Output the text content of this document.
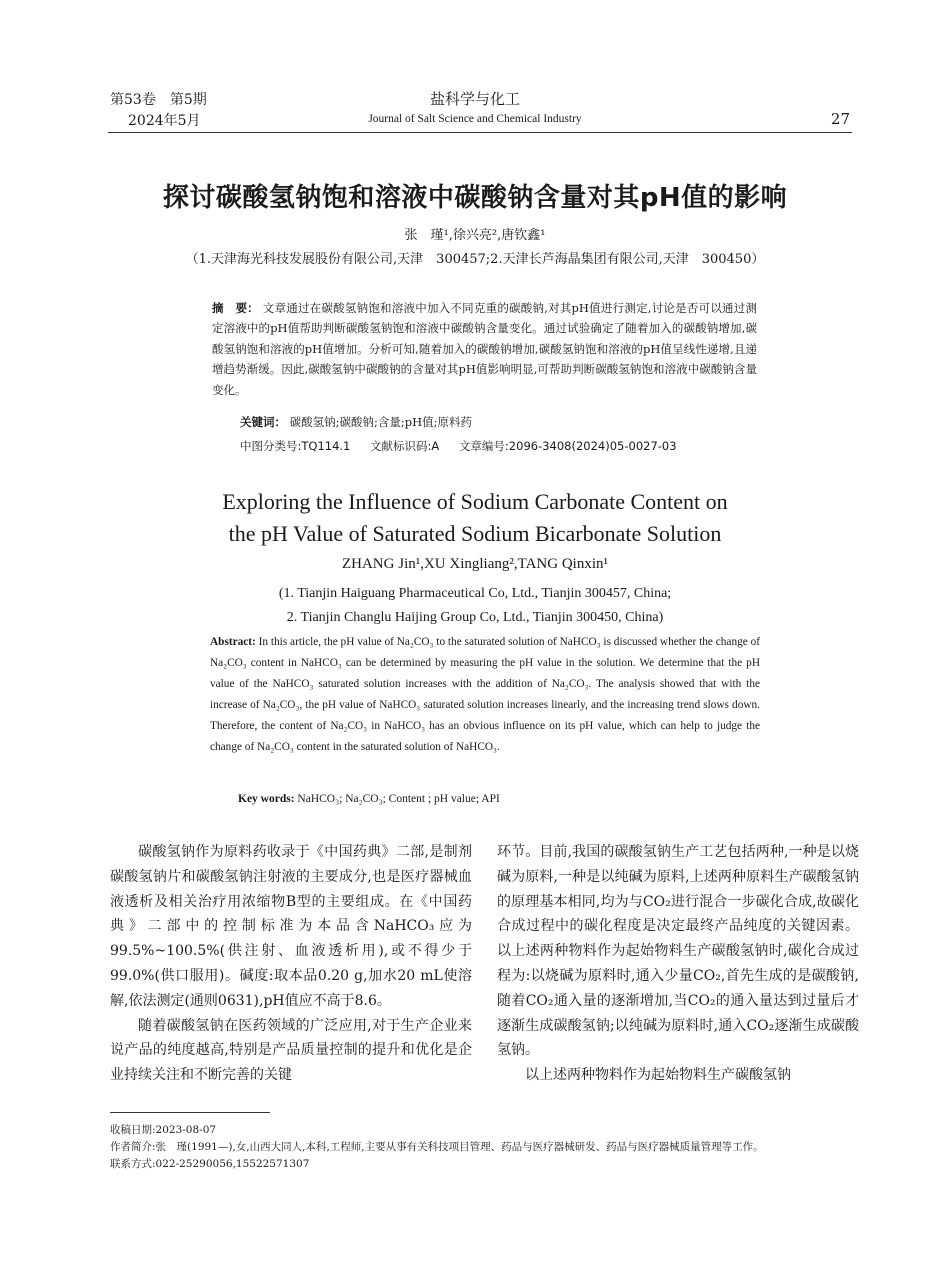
第53卷　第5期
2024年5月
盐科学与化工
Journal of Salt Science and Chemical Industry	27
探讨碳酸氢钠饱和溶液中碳酸钠含量对其pH值的影响
张　瑾¹,徐兴亮²,唐钦鑫¹
（1.天津海光科技发展股份有限公司,天津　300457;2.天津长芦海晶集团有限公司,天津　300450）
摘　要： 文章通过在碳酸氢钠饱和溶液中加入不同克重的碳酸钠,对其pH值进行测定,讨论是否可以通过测定溶液中的pH值帮助判断碳酸氢钠饱和溶液中碳酸钠含量变化。通过试验确定了随着加入的碳酸钠增加,碳酸氢钠饱和溶液的pH值增加。分析可知,随着加入的碳酸钠增加,碳酸氢钠饱和溶液的pH值呈线性递增,且递增趋势渐缓。因此,碳酸氢钠中碳酸钠的含量对其pH值影响明显,可帮助判断碳酸氢钠饱和溶液中碳酸钠含量变化。
关键词： 碳酸氢钠;碳酸钠;含量;pH值;原料药
中图分类号:TQ114.1 文献标识码:A 文章编号:2096-3408(2024)05-0027-03
Exploring the Influence of Sodium Carbonate Content on
the pH Value of Saturated Sodium Bicarbonate Solution
ZHANG Jin¹,XU Xingliang²,TANG Qinxin¹
(1. Tianjin Haiguang Pharmaceutical Co, Ltd., Tianjin 300457, China;
2. Tianjin Changlu Haijing Group Co, Ltd., Tianjin 300450, China)
Abstract: In this article, the pH value of Na₂CO₃ to the saturated solution of NaHCO₃ is discussed whether the change of Na₂CO₃ content in NaHCO₃ can be determined by measuring the pH value in the solution. We determine that the pH value of the NaHCO₃ saturated solution increases with the addition of Na₂CO₃. The analysis showed that with the increase of Na₂CO₃, the pH value of NaHCO₃ saturated solution increases linearly, and the increasing trend slows down. Therefore, the content of Na₂CO₃ in NaHCO₃ has an obvious influence on its pH value, which can help to judge the change of Na₂CO₃ content in the saturated solution of NaHCO₃.
Key words: NaHCO₃; Na₂CO₃; Content ; pH value; API

碳酸氢钠作为原料药收录于《中国药典》二部,是制剂碳酸氢钠片和碳酸氢钠注射液的主要成分,也是医疗器械血液透析及相关治疗用浓缩物B型的主要组成。在《中国药典》二部中的控制标准为本品含NaHCO₃应为99.5%~100.5%(供注射、血液透析用),或不得少于99.0%(供口服用)。碱度:取本品0.20 g,加水20 mL使溶解,依法测定(通则0631),pH值应不高于8.6。

随着碳酸氢钠在医药领域的广泛应用,对于生产企业来说产品的纯度越高,特别是产品质量控制的提升和优化是企业持续关注和不断完善的关键

环节。目前,我国的碳酸氢钠生产工艺包括两种,一种是以烧碱为原料,一种是以纯碱为原料,上述两种原料生产碳酸氢钠的原理基本相同,均为与CO₂进行混合一步碳化合成,故碳化合成过程中的碳化程度是决定最终产品纯度的关键因素。以上述两种物料作为起始物料生产碳酸氢钠时,碳化合成过程为:以烧碱为原料时,通入少量CO₂,首先生成的是碳酸钠,随着CO₂通入量的逐渐增加,当CO₂的通入量达到过量后才逐渐生成碳酸氢钠;以纯碱为原料时,通入CO₂逐渐生成碳酸氢钠。

以上述两种物料作为起始物料生产碳酸氢钠

收稿日期:2023-08-07
作者简介:张　瑾(1991—),女,山西大同人,本科,工程师,主要从事有关科技项目管理、药品与医疗器械研发、药品与医疗器械质量管理等工作。
联系方式:022-25290056,15522571307
